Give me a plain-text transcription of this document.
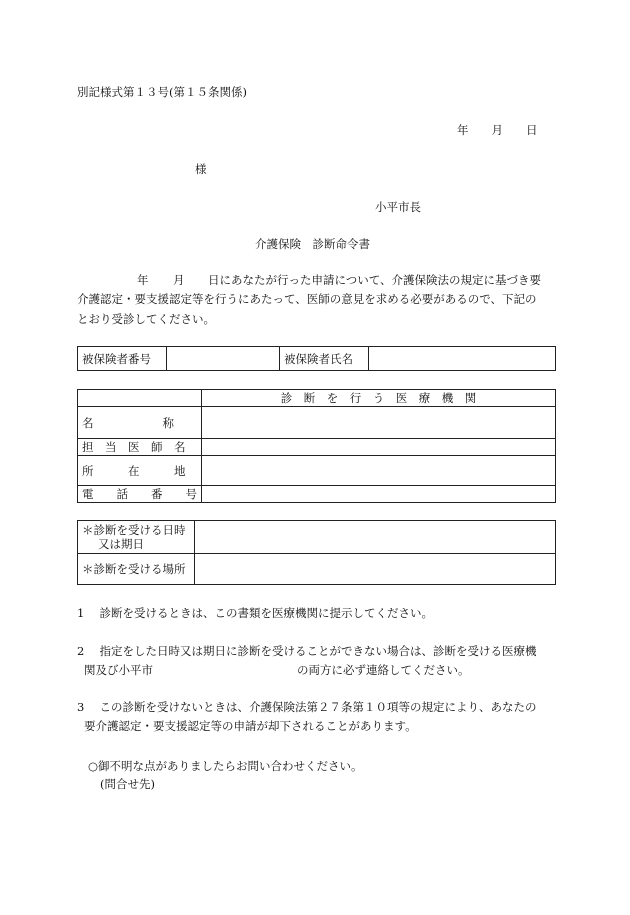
別記様式第１３号(第１５条関係)
年　　月　　日
様
小平市長
介護保険　診断命令書
年 月 日にあなたが行った申請について、介護保険法の規定に基づき要
介護認定・要支援認定等を行うにあたって、医師の意見を求める必要があるので、下記の
とおり受診してください。
被保険者番号		被保険者氏名	
	診　断　を　行　う　医　療　機　関
名　　　　　　称	
担　当　医　師　名	
所　　　在　　　地	
電　　話　　番　　号	
＊診断を受ける日時
又は期日	

＊診断を受ける場所	
1　 診断を受けるときは、この書類を医療機関に提示してください。
2　 指定をした日時又は期日に診断を受けることができない場合は、診断を受ける医療機
関及び小平市	の両方に必ず連絡してください。
3　 この診断を受けないときは、介護保険法第２７条第１０項等の規定により、あなたの
要介護認定・要支援認定等の申請が却下されることがあります。
○御不明な点がありましたらお問い合わせください。
(問合せ先)
